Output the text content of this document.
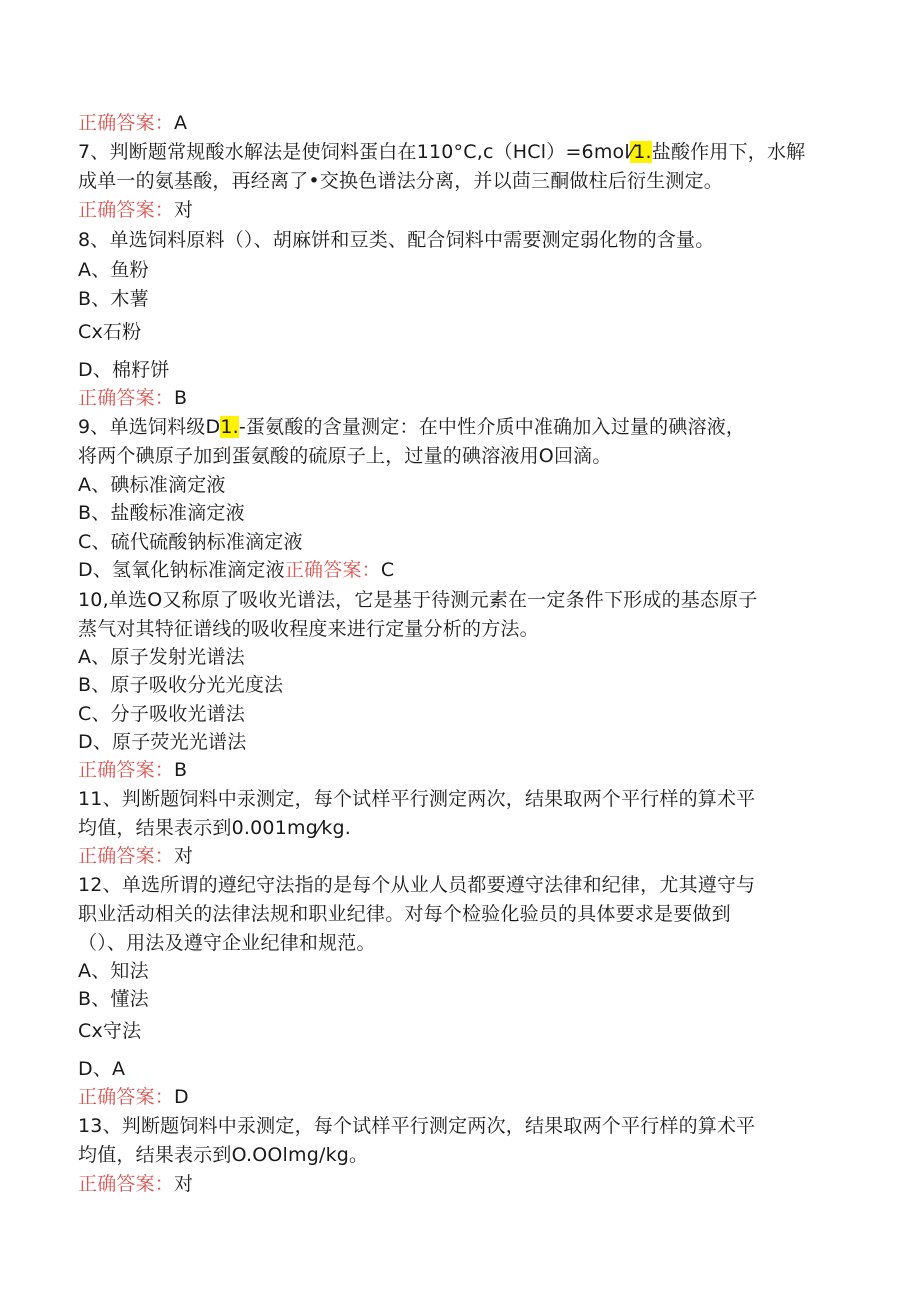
正确答案：A
7、判断题常规酸水解法是使饲料蛋白在110°C,c（HCl）=6mol⁄1.盐酸作用下，水解
成单一的氨基酸，再经离了•交换色谱法分离，并以茴三酮做柱后衍生测定。
正确答案：对
8、单选饲料原料（）、胡麻饼和豆类、配合饲料中需要测定弱化物的含量。
A、鱼粉
B、木薯
Cx石粉
D、棉籽饼
正确答案：B
9、单选饲料级D1.-蛋氨酸的含量测定：在中性介质中准确加入过量的碘溶液，
将两个碘原子加到蛋氨酸的硫原子上，过量的碘溶液用O回滴。
A、碘标准滴定液
B、盐酸标准滴定液
C、硫代硫酸钠标准滴定液
D、氢氧化钠标准滴定液正确答案：C
10,单选O又称原了吸收光谱法，它是基于待测元素在一定条件下形成的基态原子
蒸气对其特征谱线的吸收程度来进行定量分析的方法。
A、原子发射光谱法
B、原子吸收分光光度法
C、分子吸收光谱法
D、原子荧光光谱法
正确答案：B
11、判断题饲料中汞测定，每个试样平行测定两次，结果取两个平行样的算术平
均值，结果表示到0.001mg⁄kg.
正确答案：对
12、单选所谓的遵纪守法指的是每个从业人员都要遵守法律和纪律，尤其遵守与
职业活动相关的法律法规和职业纪律。对每个检验化验员的具体要求是要做到
（）、用法及遵守企业纪律和规范。
A、知法
B、懂法
Cx守法
D、A
正确答案：D
13、判断题饲料中汞测定，每个试样平行测定两次，结果取两个平行样的算术平
均值，结果表示到O.OOlmg/kg。
正确答案：对
